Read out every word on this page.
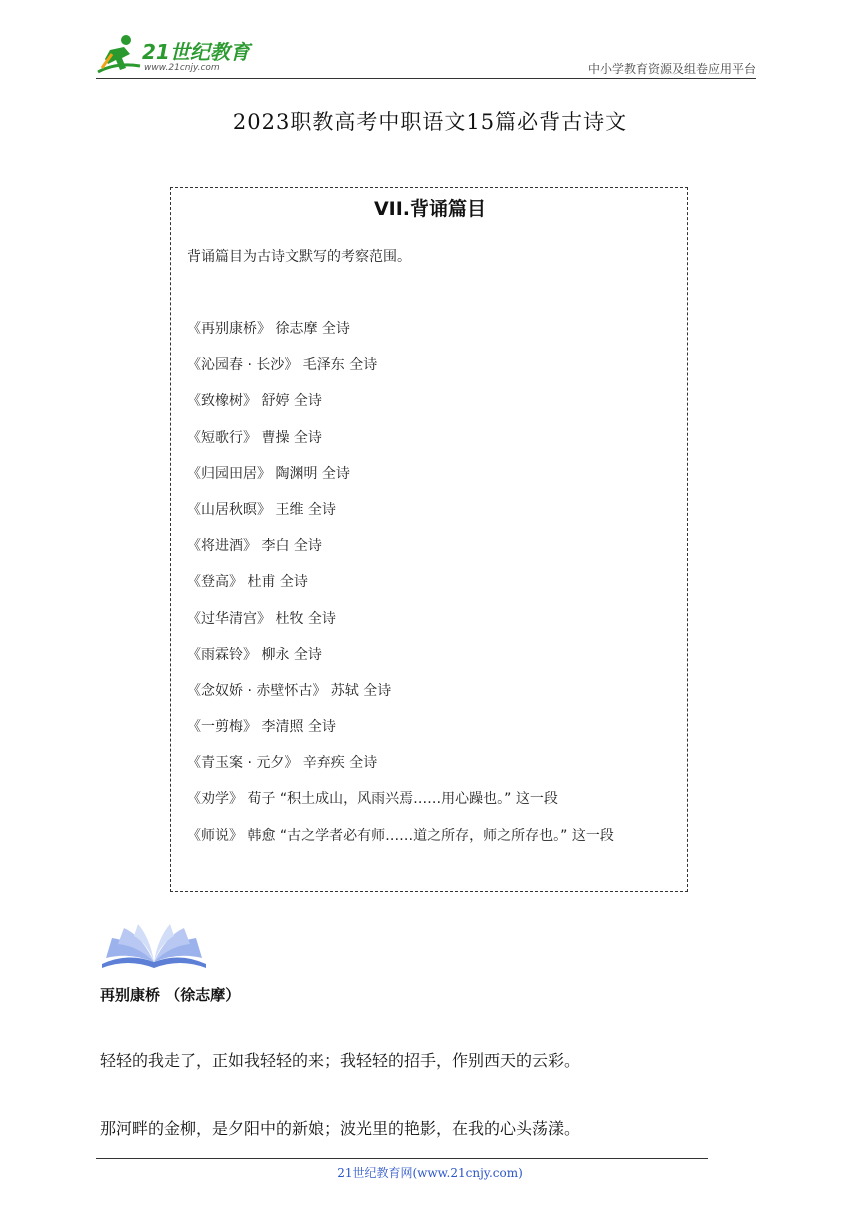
21世纪教育
www.21cnjy.com	中小学教育资源及组卷应用平台
2023职教高考中职语文15篇必背古诗文
VII.背诵篇目
背诵篇目为古诗文默写的考察范围。
《再别康桥》 徐志摩 全诗
《沁园春 · 长沙》 毛泽东 全诗
《致橡树》 舒婷 全诗
《短歌行》 曹操 全诗
《归园田居》 陶渊明 全诗
《山居秋暝》 王维 全诗
《将进酒》 李白 全诗
《登高》 杜甫 全诗
《过华清宫》 杜牧 全诗
《雨霖铃》 柳永 全诗
《念奴娇 · 赤壁怀古》 苏轼 全诗
《一剪梅》 李清照 全诗
《青玉案 · 元夕》 辛弃疾 全诗
《劝学》 荀子 “积土成山，风雨兴焉……用心躁也。” 这一段
《师说》 韩愈 “古之学者必有师……道之所存，师之所存也。” 这一段
再别康桥 （徐志摩）
轻轻的我走了，正如我轻轻的来；我轻轻的招手，作别西天的云彩。
那河畔的金柳，是夕阳中的新娘；波光里的艳影，在我的心头荡漾。
21世纪教育网(www.21cnjy.com)
